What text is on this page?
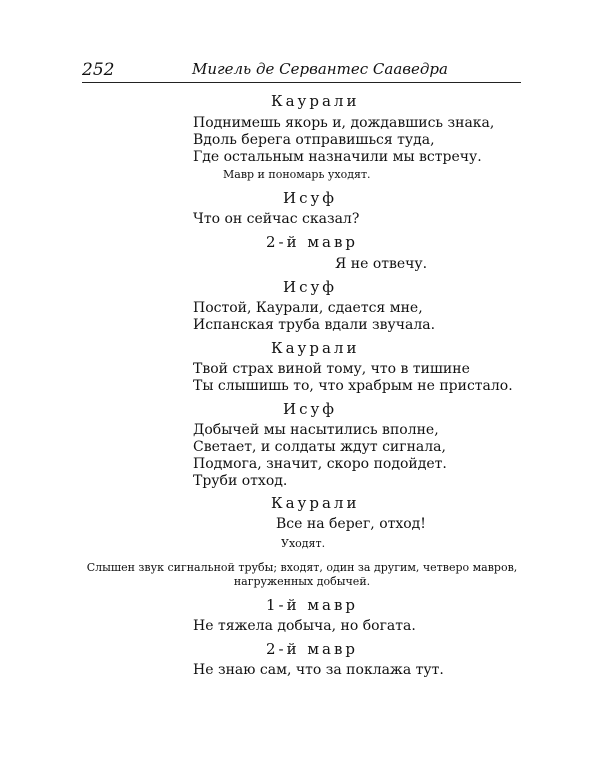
252	Мигель де Сервантес Сааведра
Каурали
Поднимешь якорь и, дождавшись знака,
Вдоль берега отправишься туда,
Где остальным назначили мы встречу.
Мавр и пономарь уходят.
Исуф
Что он сейчас сказал?
2-й мавр
Я не отвечу.
Исуф
Постой, Каурали, сдается мне,
Испанская труба вдали звучала.
Каурали
Твой страх виной тому, что в тишине
Ты слышишь то, что храбрым не пристало.
Исуф
Добычей мы насытились вполне,
Светает, и солдаты ждут сигнала,
Подмога, значит, скоро подойдет.
Труби отход.
Каурали
Все на берег, отход!
Уходят.
Слышен звук сигнальной трубы; входят, один за другим, четверо мавров, нагруженных добычей.
1-й мавр
Не тяжела добыча, но богата.
2-й мавр
Не знаю сам, что за поклажа тут.
